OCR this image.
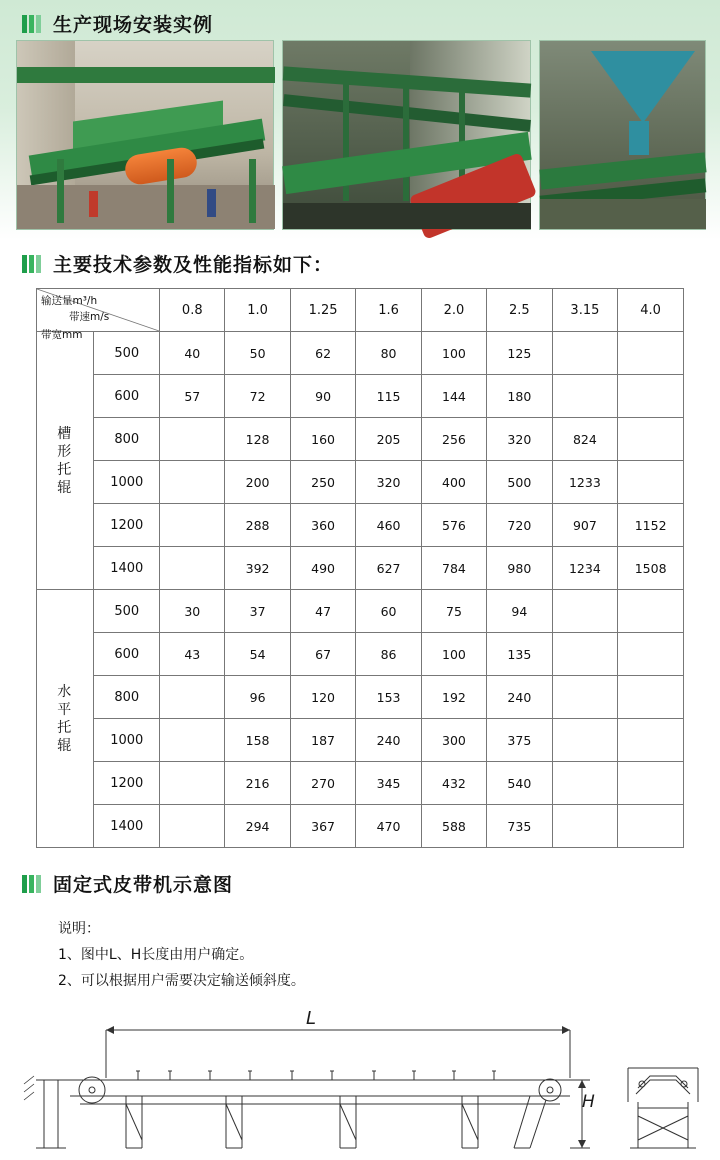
生产现场安装实例
主要技术参数及性能指标如下：
输送量m³/h
带速m/s
带宽mm		0.8	1.0	1.25	1.6	2.0	2.5	3.15	4.0
槽
形
托
辊	500	40	50	62	80	100	125		
	600	57	72	90	115	144	180		
	800		128	160	205	256	320	824	
	1000		200	250	320	400	500	1233	
	1200		288	360	460	576	720	907	1152
	1400		392	490	627	784	980	1234	1508
水
平
托
辊	500	30	37	47	60	75	94		
	600	43	54	67	86	100	135		
	800		96	120	153	192	240		
	1000		158	187	240	300	375		
	1200		216	270	345	432	540		
	1400		294	367	470	588	735		
固定式皮带机示意图
说明：
1、图中L、H长度由用户确定。
2、可以根据用户需要决定输送倾斜度。
L
H
